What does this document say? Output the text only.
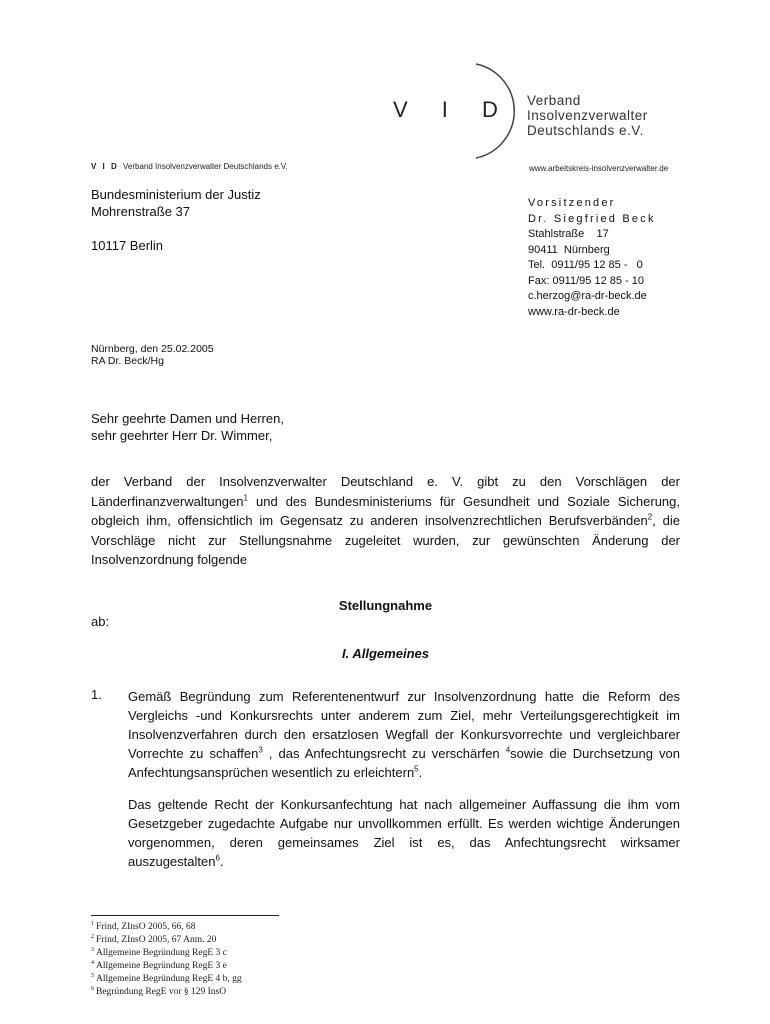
V I D Verband
Insolvenzverwalter
Deutschlands e.V.
V I D Verband Insolvenzverwalter Deutschlands e.V.	www.arbeitskreis-insolvenzverwalter.de
Bundesministerium der Justiz
Mohrenstraße 37
10117 Berlin
Vorsitzender
Dr. Siegfried Beck
Stahlstraße    17
90411  Nürnberg
Tel.  0911/95 12 85 -   0
Fax: 0911/95 12 85 - 10
c.herzog@ra-dr-beck.de
www.ra-dr-beck.de
Nürnberg, den 25.02.2005
RA Dr. Beck/Hg
Sehr geehrte Damen und Herren,
sehr geehrter Herr Dr. Wimmer,
der Verband der Insolvenzverwalter Deutschland e. V. gibt zu den Vorschlägen der Länderfinanzverwaltungen$^1$ und des Bundesministeriums für Gesundheit und Soziale Sicherung, obgleich ihm, offensichtlich im Gegensatz zu anderen insolvenzrechtlichen Berufsverbänden$^2$, die Vorschläge nicht zur Stellungsnahme zugeleitet wurden, zur gewünschten Änderung der Insolvenzordnung folgende
Stellungnahme
ab:
I. Allgemeines
1. Gemäß Begründung zum Referentenentwurf zur Insolvenzordnung hatte die Reform des Vergleichs -und Konkursrechts unter anderem zum Ziel, mehr Verteilungsgerechtigkeit im Insolvenzverfahren durch den ersatzlosen Wegfall der Konkursvorrechte und vergleichbarer Vorrechte zu schaffen$^3$ , das Anfechtungsrecht zu verschärfen $^4$sowie die Durchsetzung von Anfechtungsansprüchen wesentlich zu erleichtern$^5$.

Das geltende Recht der Konkursanfechtung hat nach allgemeiner Auffassung die ihm vom Gesetzgeber zugedachte Aufgabe nur unvollkommen erfüllt. Es werden wichtige Änderungen vorgenommen, deren gemeinsames Ziel ist es, das Anfechtungsrecht wirksamer auszugestalten$^6$.

$^1$ Frind, ZInsO 2005, 66, 68
$^2$ Frind, ZInsO 2005, 67 Anm. 20
$^3$ Allgemeine Begründung RegE 3 c
$^4$ Allgemeine Begründung RegE 3 e
$^5$ Allgemeine Begründung RegE 4 b, gg
$^6$ Begründung RegE vor § 129 InsO
